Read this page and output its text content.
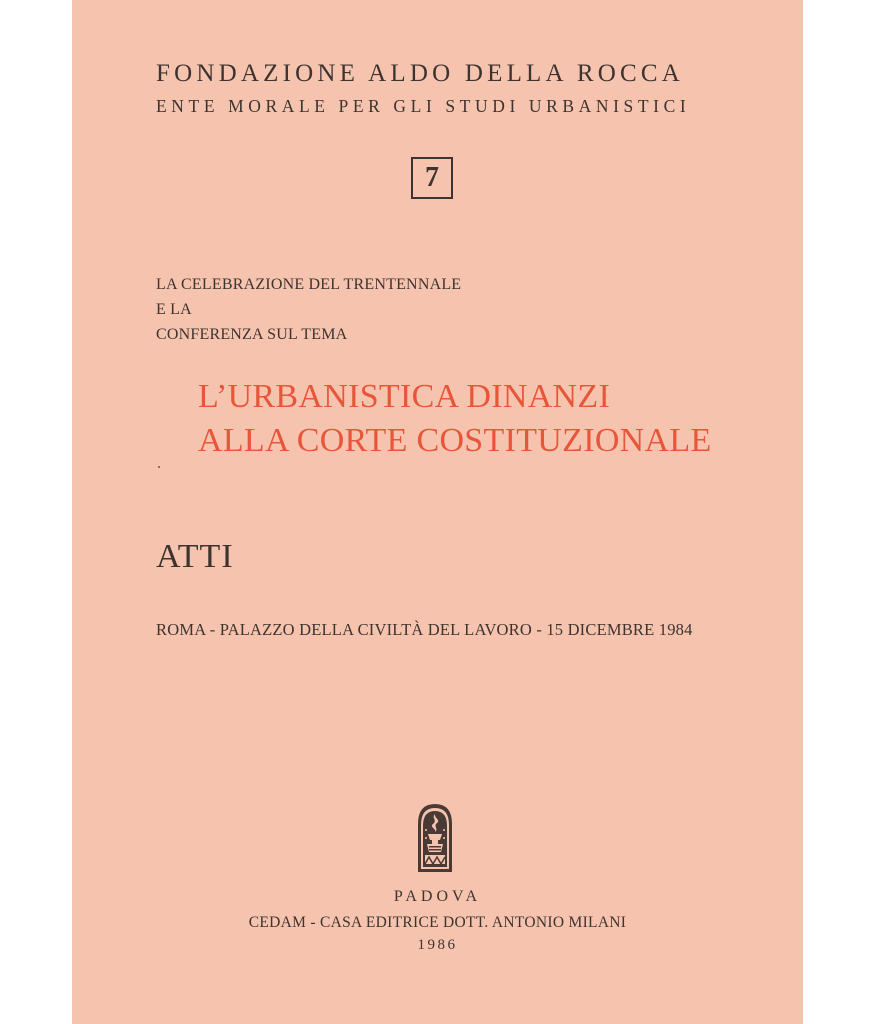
FONDAZIONE ALDO DELLA ROCCA
ENTE MORALE PER GLI STUDI URBANISTICI
7
LA CELEBRAZIONE DEL TRENTENNALE
E LA
CONFERENZA SUL TEMA
L’URBANISTICA DINANZI
ALLA CORTE COSTITUZIONALE
ATTI
ROMA - PALAZZO DELLA CIVILTÀ DEL LAVORO - 15 DICEMBRE 1984
PADOVA
CEDAM - CASA EDITRICE DOTT. ANTONIO MILANI
1986
